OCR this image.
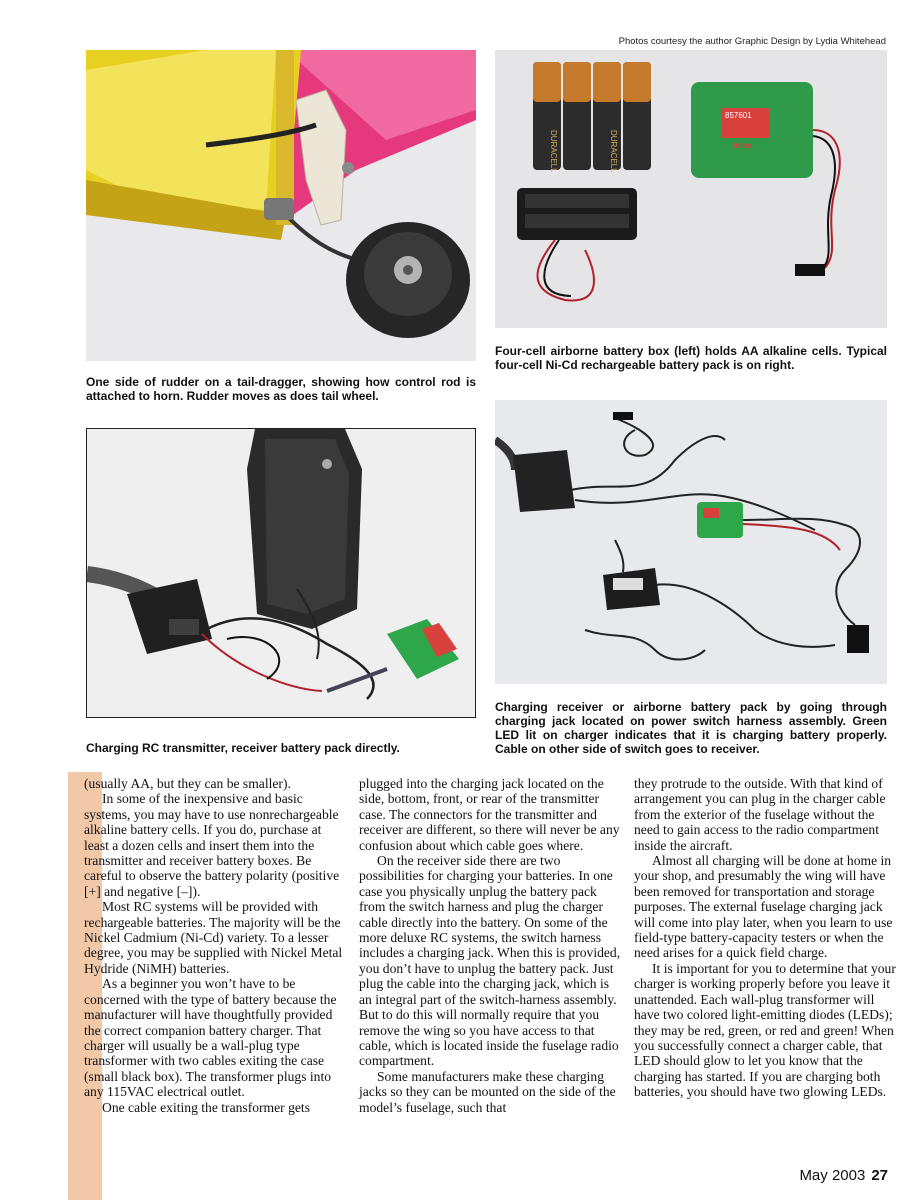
Photos courtesy the author Graphic Design by Lydia Whitehead
One side of rudder on a tail-dragger, showing how control rod is attached to horn. Rudder moves as does tail wheel.
DURACELL	DURACELL
857601
hitec
Four-cell airborne battery box (left) holds AA alkaline cells. Typical four-cell Ni-Cd rechargeable battery pack is on right.
Charging RC transmitter, receiver battery pack directly.
Charging receiver or airborne battery pack by going through charging jack located on power switch harness assembly. Green LED lit on charger indicates that it is charging battery properly. Cable on other side of switch goes to receiver.

(usually AA, but they can be smaller).

In some of the inexpensive and basic systems, you may have to use nonrechargeable alkaline battery cells. If you do, purchase at least a dozen cells and insert them into the transmitter and receiver battery boxes. Be careful to observe the battery polarity (positive [+] and negative [–]).

Most RC systems will be provided with rechargeable batteries. The majority will be the Nickel Cadmium (Ni-Cd) variety. To a lesser degree, you may be supplied with Nickel Metal Hydride (NiMH) batteries.

As a beginner you won’t have to be concerned with the type of battery because the manufacturer will have thoughtfully provided the correct companion battery charger. That charger will usually be a wall-plug type transformer with two cables exiting the case (small black box). The transformer plugs into any 115VAC electrical outlet.

One cable exiting the transformer gets

plugged into the charging jack located on the side, bottom, front, or rear of the transmitter case. The connectors for the transmitter and receiver are different, so there will never be any confusion about which cable goes where.

On the receiver side there are two possibilities for charging your batteries. In one case you physically unplug the battery pack from the switch harness and plug the charger cable directly into the battery. On some of the more deluxe RC systems, the switch harness includes a charging jack. When this is provided, you don’t have to unplug the battery pack. Just plug the cable into the charging jack, which is an integral part of the switch-harness assembly. But to do this will normally require that you remove the wing so you have access to that cable, which is located inside the fuselage radio compartment.

Some manufacturers make these charging jacks so they can be mounted on the side of the model’s fuselage, such that

they protrude to the outside. With that kind of arrangement you can plug in the charger cable from the exterior of the fuselage without the need to gain access to the radio compartment inside the aircraft.

Almost all charging will be done at home in your shop, and presumably the wing will have been removed for transportation and storage purposes. The external fuselage charging jack will come into play later, when you learn to use field-type battery-capacity testers or when the need arises for a quick field charge.

It is important for you to determine that your charger is working properly before you leave it unattended. Each wall-plug transformer will have two colored light-emitting diodes (LEDs); they may be red, green, or red and green! When you successfully connect a charger cable, that LED should glow to let you know that the charging has started. If you are charging both batteries, you should have two glowing LEDs.

May 2003 27
